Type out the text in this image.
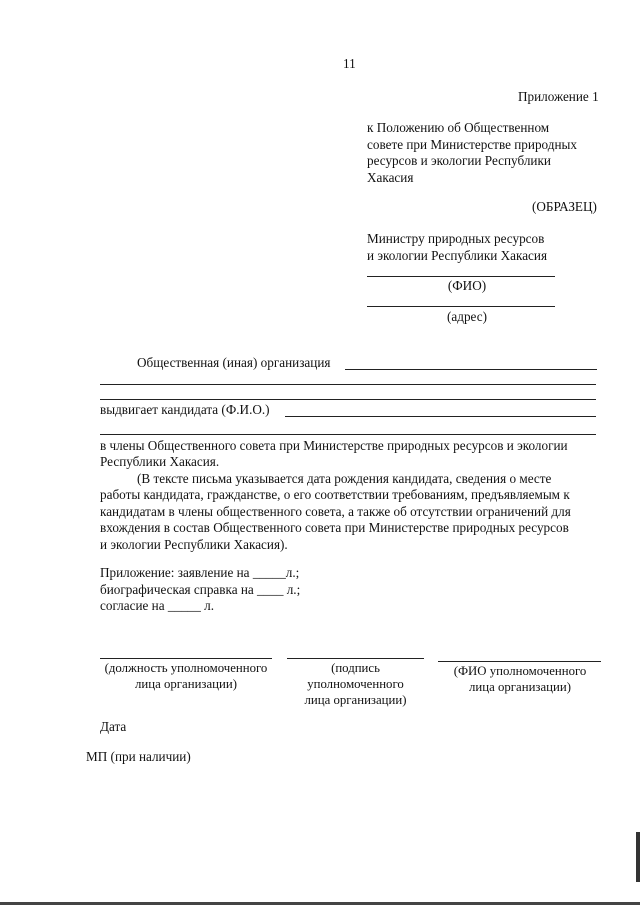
11
Приложение 1
к Положению об Общественном
совете при Министерстве природных
ресурсов и экологии Республики
Хакасия
(ОБРАЗЕЦ)
Министру природных ресурсов
и экологии Республики Хакасия
(ФИО)
(адрес)
Общественная (иная) организация
выдвигает кандидата (Ф.И.О.)
в члены Общественного совета при Министерстве природных ресурсов и экологии
Республики Хакасия.
(В тексте письма указывается дата рождения кандидата, сведения о месте
работы кандидата, гражданстве, о его соответствии требованиям, предъявляемым к
кандидатам в члены общественного совета, а также об отсутствии ограничений для
вхождения в состав Общественного совета при Министерстве природных ресурсов
и экологии Республики Хакасия).
Приложение: заявление на _____л.;
биографическая справка на ____ л.;
согласие на _____ л.
(должность уполномоченного
лица организации)
(подпись
уполномоченного
лица организации)
(ФИО уполномоченного
лица организации)
Дата
МП (при наличии)
